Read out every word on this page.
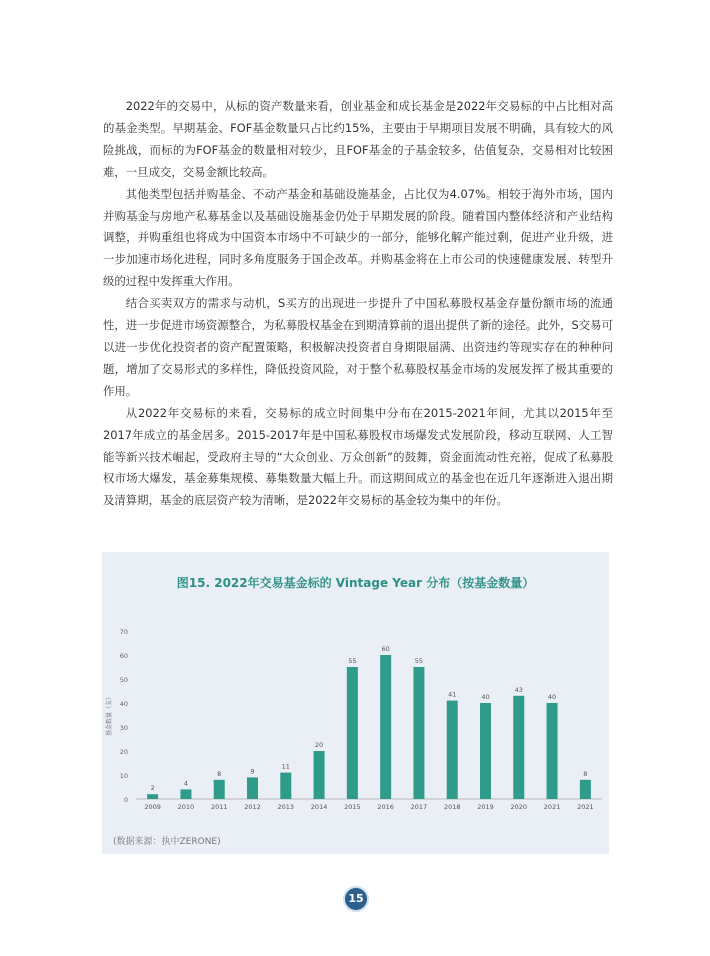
2022年的交易中，从标的资产数量来看，创业基金和成长基金是2022年交易标的中占比相对高的基金类型。早期基金、FOF基金数量只占比约15%，主要由于早期项目发展不明确，具有较大的风险挑战，而标的为FOF基金的数量相对较少，且FOF基金的子基金较多，估值复杂，交易相对比较困难，一旦成交，交易金额比较高。

其他类型包括并购基金、不动产基金和基础设施基金，占比仅为4.07%。相较于海外市场，国内并购基金与房地产私募基金以及基础设施基金仍处于早期发展的阶段。随着国内整体经济和产业结构调整，并购重组也将成为中国资本市场中不可缺少的一部分，能够化解产能过剩，促进产业升级，进一步加速市场化进程，同时多角度服务于国企改革。并购基金将在上市公司的快速健康发展、转型升级的过程中发挥重大作用。

结合买卖双方的需求与动机，S买方的出现进一步提升了中国私募股权基金存量份额市场的流通性，进一步促进市场资源整合，为私募股权基金在到期清算前的退出提供了新的途径。此外，S交易可以进一步优化投资者的资产配置策略，积极解决投资者自身期限届满、出资违约等现实存在的种种问题，增加了交易形式的多样性，降低投资风险，对于整个私募股权基金市场的发展发挥了极其重要的作用。

从2022年交易标的来看，交易标的成立时间集中分布在2015-2021年间，尤其以2015年至2017年成立的基金居多。2015-2017年是中国私募股权市场爆发式发展阶段，移动互联网、人工智能等新兴技术崛起，受政府主导的“大众创业、万众创新”的鼓舞，资金面流动性充裕，促成了私募股权市场大爆发，基金募集规模、募集数量大幅上升。而这期间成立的基金也在近几年逐渐进入退出期及清算期，基金的底层资产较为清晰，是2022年交易标的基金较为集中的年份。

图15. 2022年交易基金标的 Vintage Year 分布（按基金数量）
0
10
20
30
40
50
60
70
基金数量（支）
2
2009
4
2010
8
2011
9
2012
11
2013
20
2014
55
2015
60
2016
55
2017
41
2018
40
2019
43
2020
40
2021
8
2021
(数据来源：执中ZERONE)
15
